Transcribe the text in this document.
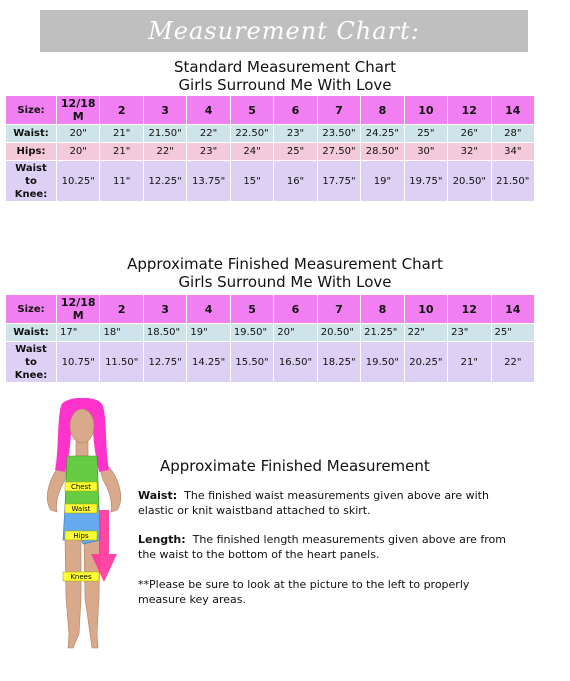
Measurement Chart:
Standard Measurement Chart
Girls Surround Me With Love
Size:	12/18 M	2	3	4	5	6	7	8	10	12	14
Waist:	20"	21"	21.50"	22"	22.50"	23"	23.50"	24.25"	25"	26"	28"
Hips:	20"	21"	22"	23"	24"	25"	27.50"	28.50"	30"	32"	34"
Waist
to
Knee:	10.25"	11"	12.25"	13.75"	15"	16"	17.75"	19"	19.75"	20.50"	21.50"
Approximate Finished Measurement Chart
Girls Surround Me With Love
Size:	12/18 M	2	3	4	5	6	7	8	10	12	14
Waist:	17"	18"	18.50"	19"	19.50"	20"	20.50"	21.25"	22"	23"	25"
Waist
to
Knee:	10.75"	11.50"	12.75"	14.25"	15.50"	16.50"	18.25"	19.50"	20.25"	21"	22"
Chest
Waist
Hips
Knees
Approximate Finished Measurement
Waist: The finished waist measurements given above are with elastic or knit waistband attached to skirt.
Length: The finished length measurements given above are from the waist to the bottom of the heart panels.
**Please be sure to look at the picture to the left to properly measure key areas.
